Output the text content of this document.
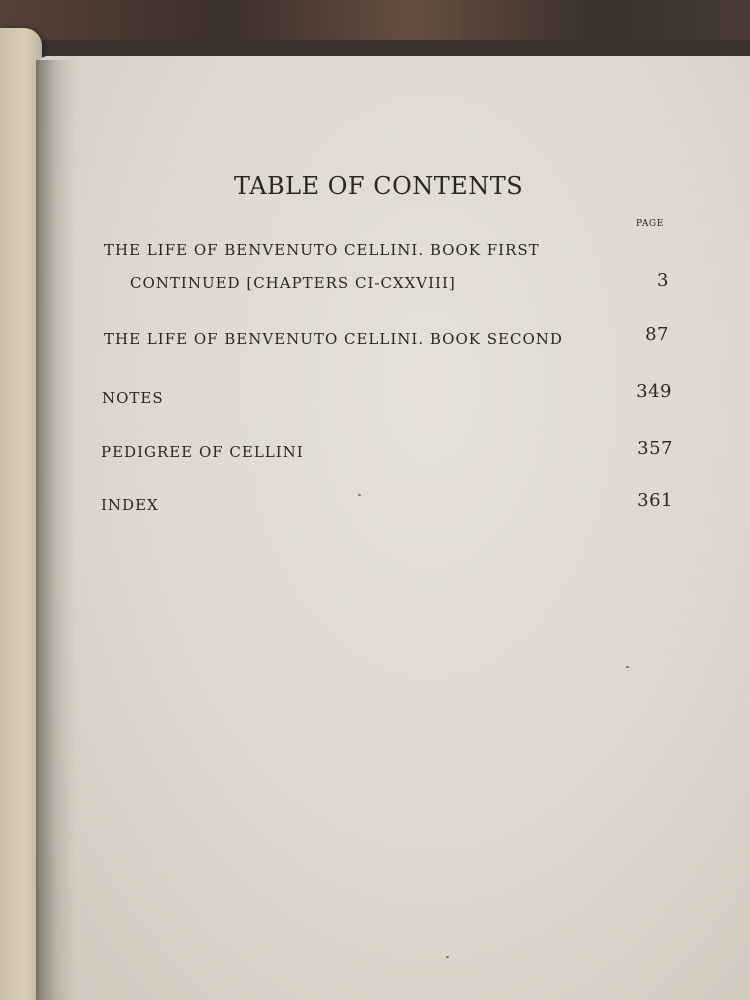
TABLE OF CONTENTS
PAGE
THE LIFE OF BENVENUTO CELLINI. BOOK FIRST
CONTINUED [CHAPTERS CI-CXXVIII]	3
THE LIFE OF BENVENUTO CELLINI. BOOK SECOND	87
NOTES	349
PEDIGREE OF CELLINI	357
INDEX	361
